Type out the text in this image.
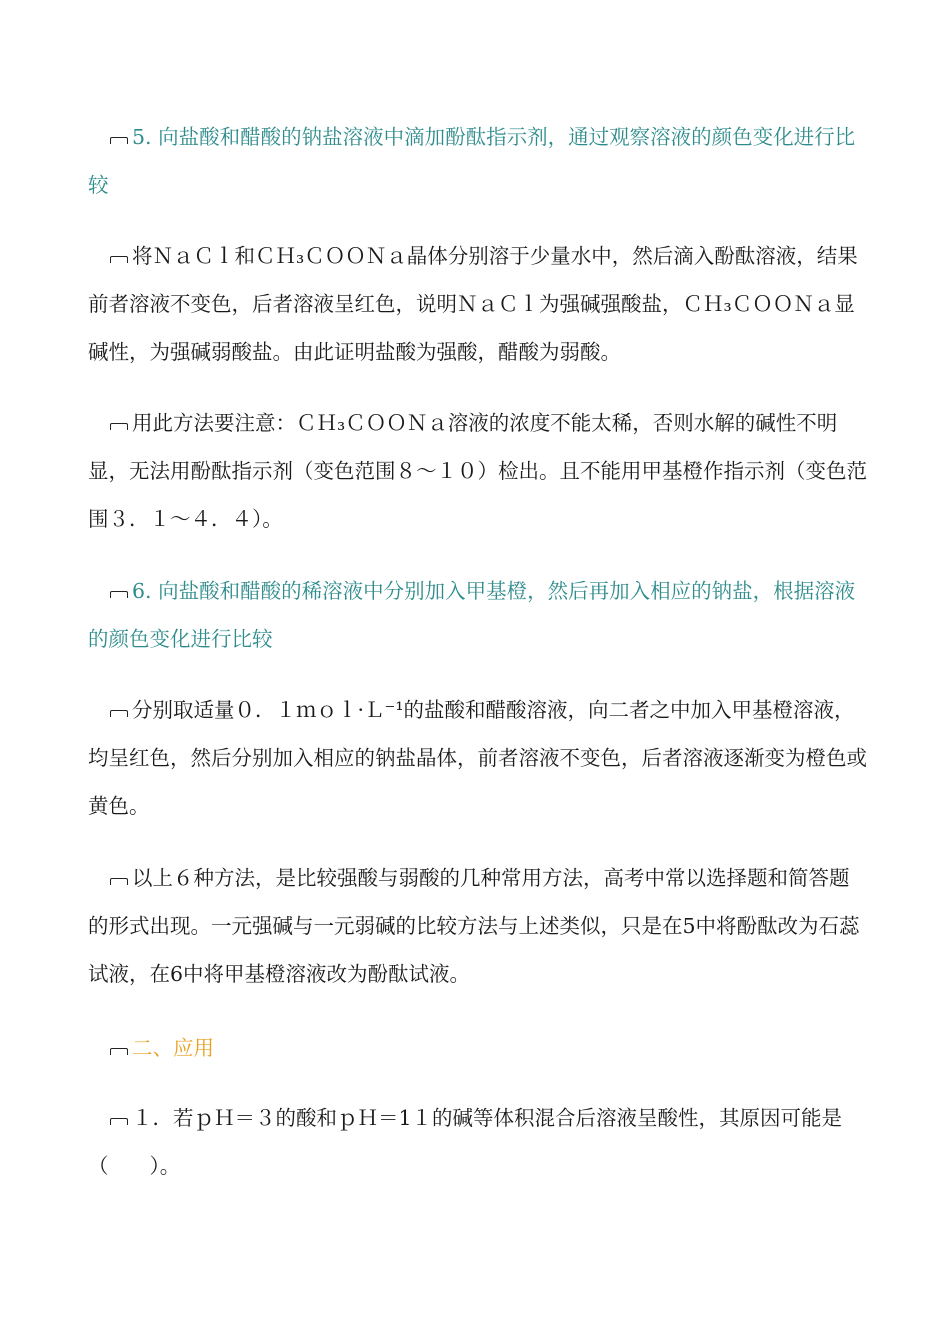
5. 向盐酸和醋酸的钠盐溶液中滴加酚酞指示剂，通过观察溶液的颜色变化进行比较

将ＮａＣｌ和ＣＨ₃ＣＯＯＮａ晶体分别溶于少量水中，然后滴入酚酞溶液，结果前者溶液不变色，后者溶液呈红色，说明ＮａＣｌ为强碱强酸盐，ＣＨ₃ＣＯＯＮａ显碱性，为强碱弱酸盐。由此证明盐酸为强酸，醋酸为弱酸。

用此方法要注意：ＣＨ₃ＣＯＯＮａ溶液的浓度不能太稀，否则水解的碱性不明显，无法用酚酞指示剂（变色范围８～１０）检出。且不能用甲基橙作指示剂（变色范围３．１～４．４）。

6. 向盐酸和醋酸的稀溶液中分别加入甲基橙，然后再加入相应的钠盐，根据溶液的颜色变化进行比较

分别取适量０．１ｍｏｌ·Ｌ⁻¹的盐酸和醋酸溶液，向二者之中加入甲基橙溶液，均呈红色，然后分别加入相应的钠盐晶体，前者溶液不变色，后者溶液逐渐变为橙色或黄色。

以上６种方法，是比较强酸与弱酸的几种常用方法，高考中常以选择题和简答题的形式出现。一元强碱与一元弱碱的比较方法与上述类似，只是在5中将酚酞改为石蕊试液，在6中将甲基橙溶液改为酚酞试液。

二、应用

１．若ｐＨ＝３的酸和ｐＨ＝1１的碱等体积混合后溶液呈酸性，其原因可能是（　　）。
